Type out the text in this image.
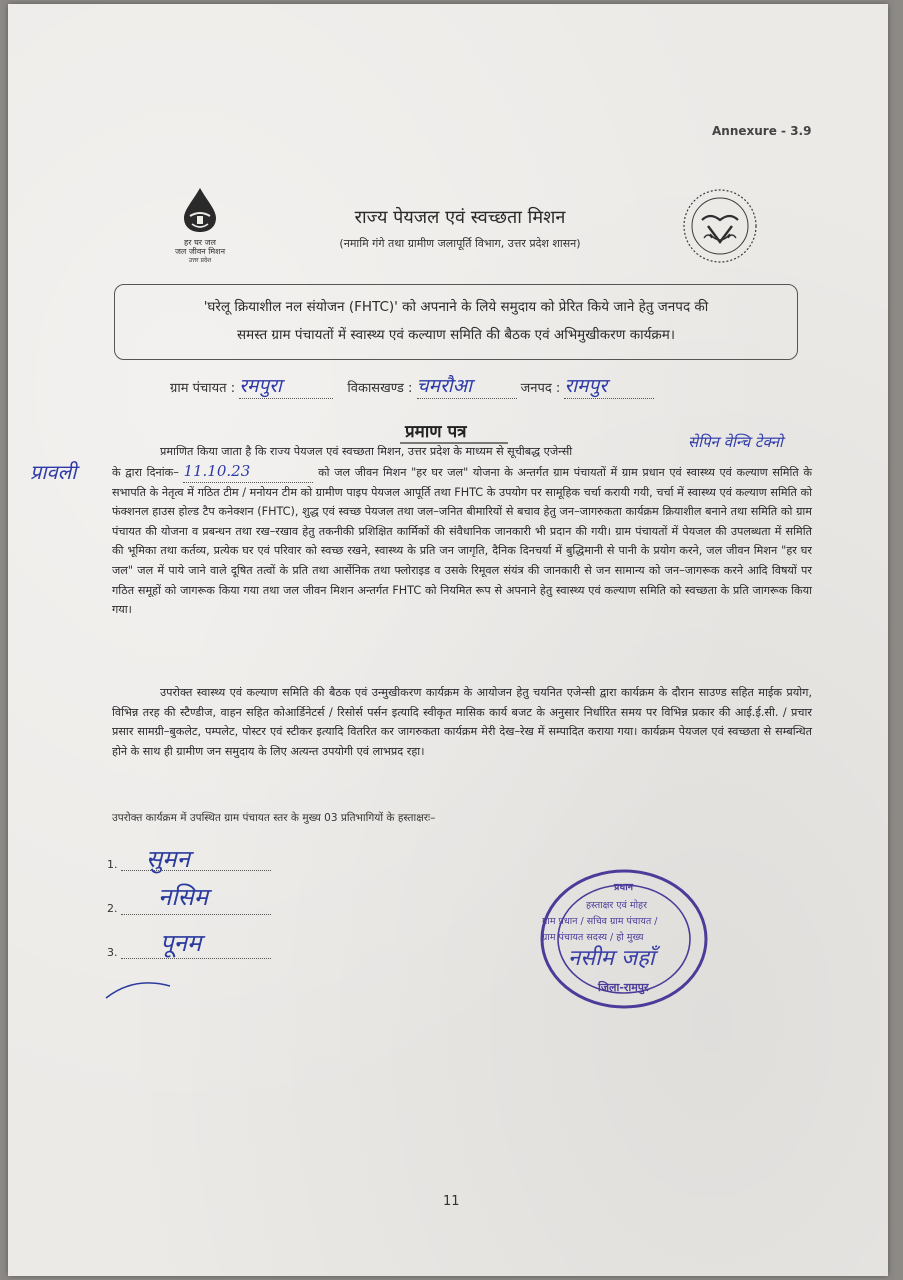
Annexure - 3.9
हर घर जल
जल जीवन मिशन
उत्तर प्रदेश
राज्य पेयजल एवं स्वच्छता मिशन
(नमामि गंगे तथा ग्रामीण जलापूर्ति विभाग, उत्तर प्रदेश शासन)
'घरेलू क्रियाशील नल संयोजन (FHTC)' को अपनाने के लिये समुदाय को प्रेरित किये जाने हेतु जनपद की
समस्त ग्राम पंचायतों में स्वास्थ्य एवं कल्याण समिति की बैठक एवं अभिमुखीकरण कार्यक्रम।
ग्राम पंचायत : रमपुरा	विकासखण्ड : चमरौआ	जनपद : रामपुर
प्रमाण पत्र
प्रावली
सेपिन वेन्चि टेक्नो
प्रमाणित किया जाता है कि राज्य पेयजल एवं स्वच्छता मिशन, उत्तर प्रदेश के माध्यम से सूचीबद्ध एजेन्सी
के द्वारा दिनांक– 11.10.23	को जल जीवन मिशन "हर घर जल" योजना के अन्तर्गत ग्राम पंचायतों में ग्राम प्रधान एवं स्वास्थ्य एवं कल्याण समिति के सभापति के नेतृत्व में गठित टीम / मनोयन टीम को ग्रामीण पाइप पेयजल आपूर्ति तथा FHTC के उपयोग पर सामूहिक चर्चा करायी गयी, चर्चा में स्वास्थ्य एवं कल्याण समिति को फंक्शनल हाउस होल्ड टैप कनेक्शन (FHTC), शुद्ध एवं स्वच्छ पेयजल तथा जल–जनित बीमारियों से बचाव हेतु जन–जागरुकता कार्यक्रम क्रियाशील बनाने तथा समिति को ग्राम पंचायत की योजना व प्रबन्धन तथा रख–रखाव हेतु तकनीकी प्रशिक्षित कार्मिकों की संवैधानिक जानकारी भी प्रदान की गयी। ग्राम पंचायतों में पेयजल की उपलब्धता में समिति की भूमिका तथा कर्तव्य, प्रत्येक घर एवं परिवार को स्वच्छ रखने, स्वास्थ्य के प्रति जन जागृति, दैनिक दिनचर्या में बुद्धिमानी से पानी के प्रयोग करने, जल जीवन मिशन "हर घर जल" जल में पाये जाने वाले दूषित तत्वों के प्रति तथा आर्सेनिक तथा फ्लोराइड व उसके रिमूवल संयंत्र की जानकारी से जन सामान्य को जन–जागरूक करने आदि विषयों पर गठित समूहों को जागरूक किया गया तथा जल जीवन मिशन अन्तर्गत FHTC को नियमित रूप से अपनाने हेतु स्वास्थ्य एवं कल्याण समिति को स्वच्छता के प्रति जागरूक किया गया।
उपरोक्त स्वास्थ्य एवं कल्याण समिति की बैठक एवं उन्मुखीकरण कार्यक्रम के आयोजन हेतु चयनित एजेन्सी द्वारा कार्यक्रम के दौरान साउण्ड सहित माईक प्रयोग, विभिन्न तरह की स्टैण्डीज, वाहन सहित कोआर्डिनेटर्स / रिसोर्स पर्सन इत्यादि स्वीकृत मासिक कार्य बजट के अनुसार निर्धारित समय पर विभिन्न प्रकार की आई.ई.सी. / प्रचार प्रसार सामग्री–बुकलेट, पम्पलेट, पोस्टर एवं स्टीकर इत्यादि वितरित कर जागरुकता कार्यक्रम मेरी देख–रेख में सम्पादित कराया गया। कार्यक्रम पेयजल एवं स्वच्छता से सम्बन्धित होने के साथ ही ग्रामीण जन समुदाय के लिए अत्यन्त उपयोगी एवं लाभप्रद रहा।
उपरोक्त कार्यक्रम में उपस्थित ग्राम पंचायत स्तर के मुख्य 03 प्रतिभागियों के हस्ताक्षरः–
1.	सुमन
2.	नसिम
3.	पूनम
प्रधान
हस्ताक्षर एवं मोहर
ग्राम प्रधान / सचिव ग्राम पंचायत /
ग्राम पंचायत सदस्य / हो मुख्य
नसीम जहाँ
जिला-रामपुर
11
